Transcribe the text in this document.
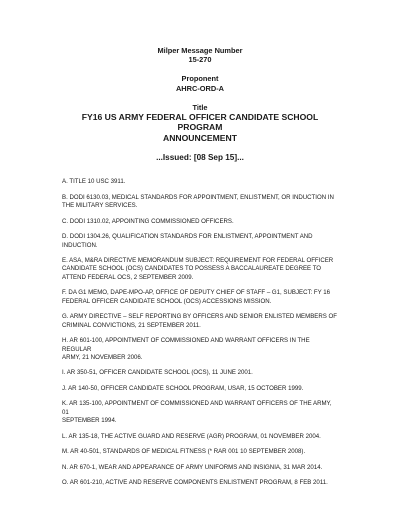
Milper Message Number
15-270
Proponent
AHRC-ORD-A
Title
FY16 US ARMY FEDERAL OFFICER CANDIDATE SCHOOL PROGRAM
ANNOUNCEMENT
...Issued: [08 Sep 15]...

A. TITLE 10 USC 3911.

B. DODI 6130.03, MEDICAL STANDARDS FOR APPOINTMENT, ENLISTMENT, OR INDUCTION IN
THE MILITARY SERVICES.

C. DODI 1310.02, APPOINTING COMMISSIONED OFFICERS.

D. DODI 1304.26, QUALIFICATION STANDARDS FOR ENLISTMENT, APPOINTMENT AND
INDUCTION.

E. ASA, M&RA DIRECTIVE MEMORANDUM SUBJECT: REQUIREMENT FOR FEDERAL OFFICER
CANDIDATE SCHOOL (OCS) CANDIDATES TO POSSESS A BACCALAUREATE DEGREE TO
ATTEND FEDERAL OCS, 2 SEPTEMBER 2009.

F. DA G1 MEMO, DAPE-MPO-AP, OFFICE OF DEPUTY CHIEF OF STAFF – G1, SUBJECT: FY 16
FEDERAL OFFICER CANDIDATE SCHOOL (OCS) ACCESSIONS MISSION.

G. ARMY DIRECTIVE – SELF REPORTING BY OFFICERS AND SENIOR ENLISTED MEMBERS OF
CRIMINAL CONVICTIONS, 21 SEPTEMBER 2011.

H. AR 601-100, APPOINTMENT OF COMMISSIONED AND WARRANT OFFICERS IN THE REGULAR
ARMY, 21 NOVEMBER 2006.

I. AR 350-51, OFFICER CANDIDATE SCHOOL (OCS), 11 JUNE 2001.

J. AR 140-50, OFFICER CANDIDATE SCHOOL PROGRAM, USAR, 15 OCTOBER 1999.

K. AR 135-100, APPOINTMENT OF COMMISSIONED AND WARRANT OFFICERS OF THE ARMY, 01
SEPTEMBER 1994.

L. AR 135-18, THE ACTIVE GUARD AND RESERVE (AGR) PROGRAM, 01 NOVEMBER 2004.

M. AR 40-501, STANDARDS OF MEDICAL FITNESS (* RAR 001 10 SEPTEMBER 2008).

N. AR 670-1, WEAR AND APPEARANCE OF ARMY UNIFORMS AND INSIGNIA, 31 MAR 2014.

O. AR 601-210, ACTIVE AND RESERVE COMPONENTS ENLISTMENT PROGRAM, 8 FEB 2011.
